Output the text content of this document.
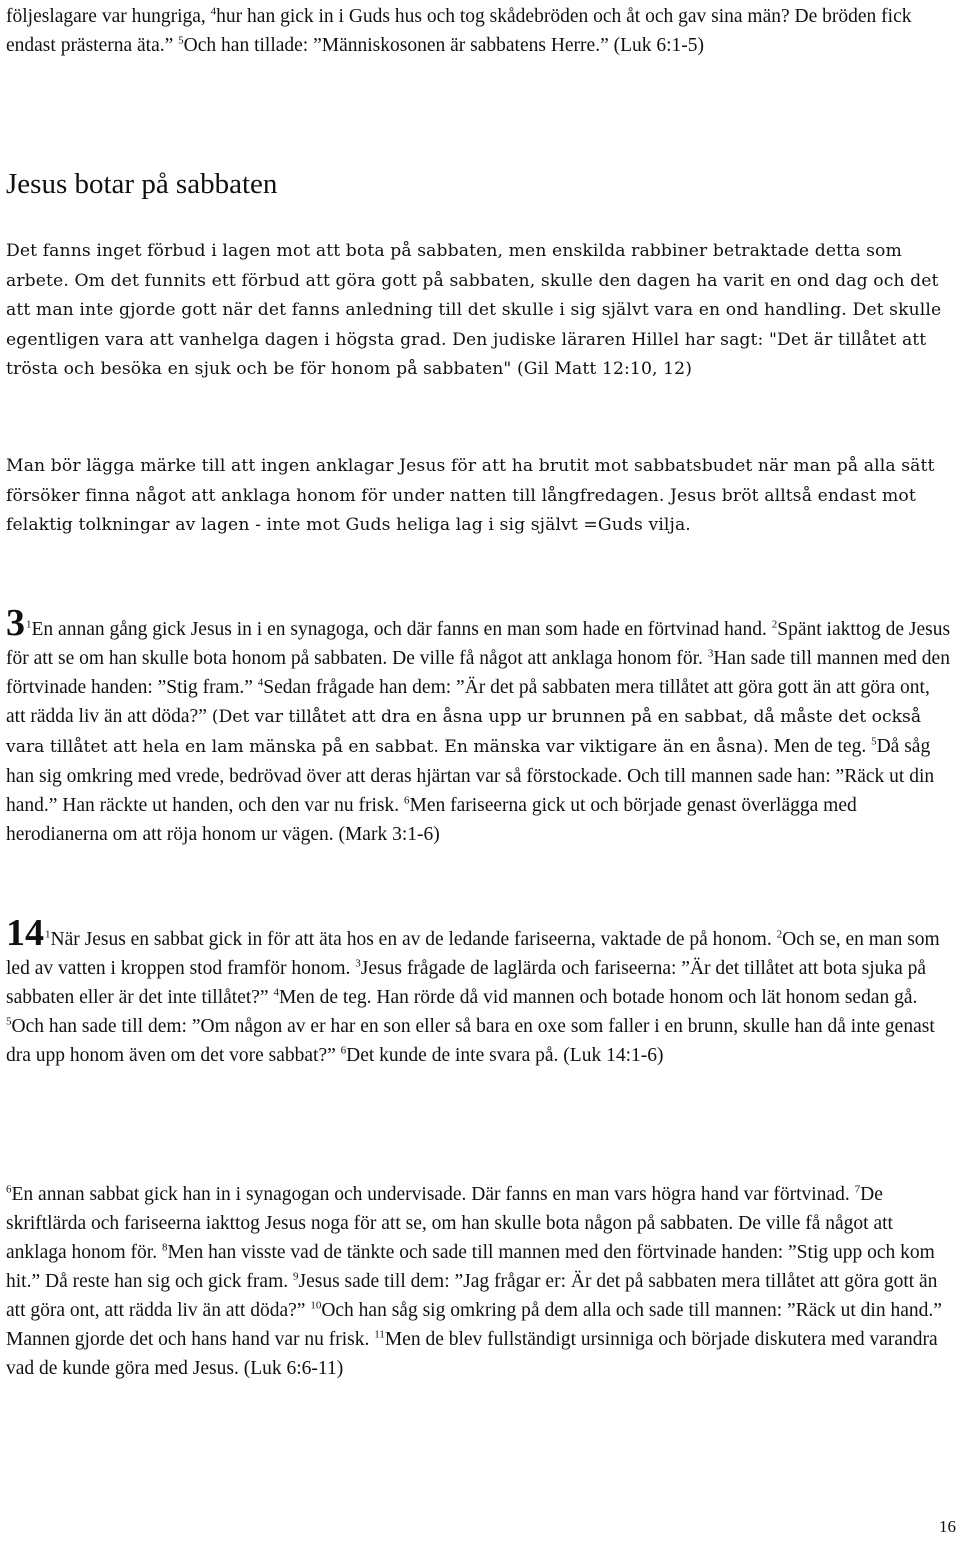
följeslagare var hungriga, $^4$hur han gick in i Guds hus och tog skådebröden och åt och gav sina män? De bröden fick endast prästerna äta.” $^5$Och han tillade: ”Människosonen är sabbatens Herre.” (Luk 6:1-5)

Jesus botar på sabbaten

Det fanns inget förbud i lagen mot att bota på sabbaten, men enskilda rabbiner betraktade detta som arbete. Om det funnits ett förbud att göra gott på sabbaten, skulle den dagen ha varit en ond dag och det att man inte gjorde gott när det fanns anledning till det skulle i sig självt vara en ond handling. Det skulle egentligen vara att vanhelga dagen i högsta grad. Den judiske läraren Hillel har sagt: "Det är tillåtet att trösta och besöka en sjuk och be för honom på sabbaten" (Gil Matt 12:10, 12)

Man bör lägga märke till att ingen anklagar Jesus för att ha brutit mot sabbatsbudet när man på alla sätt försöker finna något att anklaga honom för under natten till långfredagen. Jesus bröt alltså endast mot felaktig tolkningar av lagen - inte mot Guds heliga lag i sig självt =Guds vilja.

$3^1En$ annan gång gick Jesus in i en synagoga, och där fanns en man som hade en förtvinad hand. $^2$Spänt iakttog de Jesus för att se om han skulle bota honom på sabbaten. De ville få något att anklaga honom för. $^3$Han sade till mannen med den förtvinade handen: ”Stig fram.” $^4$Sedan frågade han dem: ”Är det på sabbaten mera tillåtet att göra gott än att göra ont, att rädda liv än att döda?” (Det var tillåtet att dra en åsna upp ur brunnen på en sabbat, då måste det också vara tillåtet att hela en lam mänska på en sabbat. En mänska var viktigare än en åsna). Men de teg. $^5$Då såg han sig omkring med vrede, bedrövad över att deras hjärtan var så förstockade. Och till mannen sade han: ”Räck ut din hand.” Han räckte ut handen, och den var nu frisk. $^6$Men fariseerna gick ut och började genast överlägga med herodianerna om att röja honom ur vägen. (Mark 3:1-6)

$14^1När$ Jesus en sabbat gick in för att äta hos en av de ledande fariseerna, vaktade de på honom. $^2$Och se, en man som led av vatten i kroppen stod framför honom. $^3$Jesus frågade de laglärda och fariseerna: ”Är det tillåtet att bota sjuka på sabbaten eller är det inte tillåtet?” $^4$Men de teg. Han rörde då vid mannen och botade honom och lät honom sedan gå. $^5$Och han sade till dem: ”Om någon av er har en son eller så bara en oxe som faller i en brunn, skulle han då inte genast dra upp honom även om det vore sabbat?” $^6$Det kunde de inte svara på. (Luk 14:1-6)

$^6$En annan sabbat gick han in i synagogan och undervisade. Där fanns en man vars högra hand var förtvinad. $^7$De skriftlärda och fariseerna iakttog Jesus noga för att se, om han skulle bota någon på sabbaten. De ville få något att anklaga honom för. $^8$Men han visste vad de tänkte och sade till mannen med den förtvinade handen: ”Stig upp och kom hit.” Då reste han sig och gick fram. $^9$Jesus sade till dem: ”Jag frågar er: Är det på sabbaten mera tillåtet att göra gott än att göra ont, att rädda liv än att döda?” $^{10}$Och han såg sig omkring på dem alla och sade till mannen: ”Räck ut din hand.” Mannen gjorde det och hans hand var nu frisk. $^{11}$Men de blev fullständigt ursinniga och började diskutera med varandra vad de kunde göra med Jesus. (Luk 6:6-11)

16
